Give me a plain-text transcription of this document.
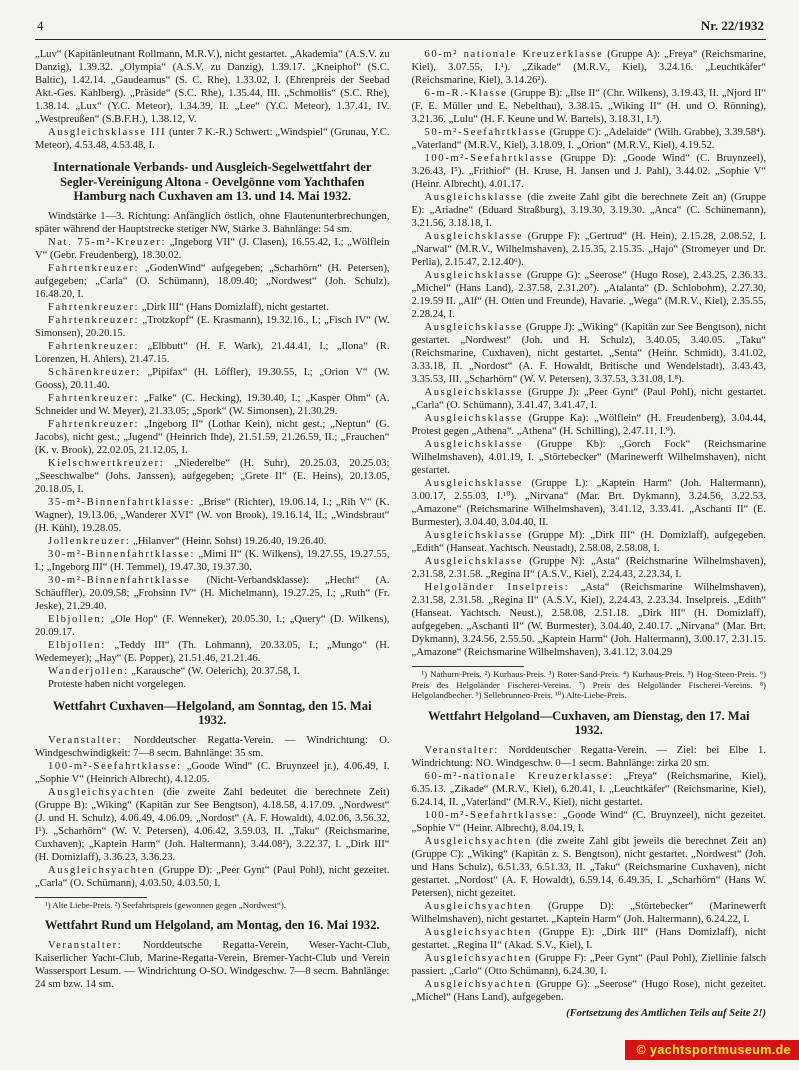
4	Nr. 22/1932

„Luv“ (Kapitänleutnant Rollmann, M.R.V.), nicht gestartet. „Akademia“ (A.S.V. zu Danzig), 1.39.32. „Olympia“ (A.S.V. zu Danzig), 1.39.17. „Kneiphof“ (S.C. Baltic), 1.42.14. „Gaudeamus“ (S. C. Rhe), 1.33.02, I. (Ehrenpreis der Seebad Akt.-Ges. Kahlberg). „Präside“ (S.C. Rhe), 1.35.44, III. „Schmollis“ (S.C. Rhe), 1.38.14. „Lux“ (Y.C. Meteor), 1.34.39, II. „Lee“ (Y.C. Meteor), 1.37.41, IV. „Westpreußen“ (S.B.F.H.), 1.38.12, V.

Ausgleichsklasse III (unter 7 K.-R.) Schwert: „Windspiel“ (Grunau, Y.C. Meteor), 4.53.48, 4.53.48, I.

Internationale Verbands- und Ausgleich-Segelwettfahrt der Segler-Vereinigung Altona - Oevelgönne vom Yachthafen Hamburg nach Cuxhaven am 13. und 14. Mai 1932.

Windstärke 1—3. Richtung: Anfänglich östlich, ohne Flautenunterbrechungen, später während der Hauptstrecke stetiger NW, Stärke 3. Bahnlänge: 54 sm.

Nat. 75-m²-Kreuzer: „Ingeborg VII“ (J. Clasen), 16.55.42, I.; „Wölflein V“ (Gebr. Freudenberg), 18.30.02.

Fahrtenkreuzer: „GodenWind“ aufgegeben; „Scharhörn“ (H. Petersen), aufgegeben; „Carla“ (O. Schümann), 18.09.40; „Nordwest“ (Joh. Schulz), 16.48.20, I.

Fahrtenkreuzer: „Dirk III“ (Hans Domizlaff), nicht gestartet.

Fahrtenkreuzer: „Trotzkopf“ (E. Krasmann), 19.32.16., I.; „Fisch IV“ (W. Simonsen), 20.20.15.

Fahrtenkreuzer: „Elbbutt“ (H. F. Wark), 21.44.41, I.; „Ilona“ (R. Lorenzen, H. Ahlers), 21.47.15.

Schärenkreuzer: „Pipifax“ (H. Löffler), 19.30.55, I.; „Orion V“ (W. Gooss), 20.11.40.

Fahrtenkreuzer: „Falke“ (C. Hecking), 19.30.40, I.; „Kasper Ohm“ (A. Schneider und W. Meyer), 21.33.05; „Spork“ (W. Simonsen), 21.30.29.

Fahrtenkreuzer: „Ingeborg II“ (Lothar Kein), nicht gest.; „Neptun“ (G. Jacobs), nicht gest.; „Jugend“ (Heinrich Ihde), 21.51.59, 21.26.59, II.; „Frauchen“ (K. v. Brook), 22.02.05, 21.12.05, I.

Kielschwertkreuzer: „Niederelbe“ (H. Suhr), 20.25.03, 20.25.03; „Seeschwalbe“ (Johs. Janssen), aufgegeben; „Grete II“ (E. Heins), 20.13.05, 20.18.05, I.

35-m²-Binnenfahrtklasse: „Brise“ (Richter), 19.06.14, I.; „Rih V“ (K. Wagner), 19.13.06, „Wanderer XVI“ (W. von Brook), 19.16.14, II.; „Windsbraut“ (H. Kühl), 19.28.05.

Jollenkreuzer: „Hilanver“ (Heinr. Sohst) 19.26.40, 19.26.40.

30-m²-Binnenfahrtklasse: „Mimi II“ (K. Wilkens), 19.27.55, 19.27.55, I.; „Ingeborg III“ (H. Temmel), 19.47.30, 19.37.30.

30-m²-Binnenfahrtklasse (Nicht-Verbandsklasse): „Hecht“ (A. Schäuffler), 20.09.58; „Frohsinn IV“ (H. Michelmann), 19.27.25, I.; „Ruth“ (Fr. Jeske), 21.29.40.

Elbjollen: „Ole Hop“ (F. Wenneker), 20.05.30, I.; „Query“ (D. Wilkens), 20.09.17.

Elbjollen: „Teddy III“ (Th. Lohmann), 20.33.05, I.; „Mungo“ (H. Wedemeyer); „Hay“ (E. Popper), 21.51.46, 21.21.46.

Wanderjollen: „Karausche“ (W. Oelerich), 20.37.58, I.

Proteste haben nicht vorgelegen.

Wettfahrt Cuxhaven—Helgoland, am Sonntag, den 15. Mai 1932.

Veranstalter: Norddeutscher Regatta-Verein. — Windrichtung: O. Windgeschwindigkeit: 7—8 secm. Bahnlänge: 35 sm.

100-m²-Seefahrtklasse: „Goode Wind“ (C. Bruynzeel jr.), 4.06.49, I. „Sophie V“ (Heinrich Albrecht), 4.12.05.

Ausgleichsyachten (die zweite Zahl bedeutet die berechnete Zeit) (Gruppe B): „Wiking“ (Kapitän zur See Bengtson), 4.18.58, 4.17.09. „Nordwest“ (J. und H. Schulz), 4.06.49, 4.06.09. „Nordost“ (A. F. Howaldt), 4.02.06, 3.56.32, I¹). „Scharhörn“ (W. V. Petersen), 4.06.42, 3.59.03, II. „Taku“ (Reichsmarine, Cuxhaven); „Kaptein Harm“ (Joh. Haltermann), 3.44.08²), 3.22.37, I. „Dirk III“ (H. Domizlaff), 3.36.23, 3.36.23.

Ausgleichsyachten (Gruppe D): „Peer Gynt“ (Paul Pohl), nicht gezeitet. „Carla“ (O. Schümann), 4.03.50, 4.03.50, I.

¹) Alte Liebe-Preis. ²) Seefahrtspreis (gewonnen gegen „Nordwest“).

Wettfahrt Rund um Helgoland, am Montag, den 16. Mai 1932.

Veranstalter: Norddeutsche Regatta-Verein, Weser-Yacht-Club, Kaiserlicher Yacht-Club, Marine-Regatta-Verein, Bremer-Yacht-Club und Verein Wassersport Lesum. — Windrichtung O-SO. Windgeschw. 7—8 secm. Bahnlänge: 24 sm bzw. 14 sm.

60-m² nationale Kreuzerklasse (Gruppe A): „Freya“ (Reichsmarine, Kiel), 3.07.55, I.¹). „Zikade“ (M.R.V., Kiel), 3.24.16. „Leuchtkäfer“ (Reichsmarine, Kiel), 3.14.26²).

6-m-R.-Klasse (Gruppe B): „Ilse II“ (Chr. Wilkens), 3.19.43, II. „Njord II“ (F. E. Müller und E. Nebelthau), 3.38.15. „Wiking II“ (H. und O. Rönning), 3.21.36. „Lulu“ (H. F. Keune und W. Bartels), 3.18.31, I.³).

50-m²-Seefahrtklasse (Gruppe C): „Adelaide“ (Wilh. Grabbe), 3.39.58⁴). „Vaterland“ (M.R.V., Kiel), 3.18.09, I. „Orion“ (M.R.V., Kiel), 4.19.52.

100-m²-Seefahrtklasse (Gruppe D): „Goode Wind“ (C. Bruynzeel), 3.26.43, I⁵). „Frithiof“ (H. Kruse, H. Jansen und J. Pahl), 3.44.02. „Sophie V“ (Heinr. Albrecht), 4.01.17.

Ausgleichsklasse (die zweite Zahl gibt die berechnete Zeit an) (Gruppe E): „Ariadne“ (Eduard Straßburg), 3.19.30, 3.19.30. „Anca“ (C. Schünemann), 3.21.56, 3.18.18, I.

Ausgleichsklasse (Gruppe F): „Gertrud“ (H. Hein), 2.15.28, 2.08.52, I. „Narwal“ (M.R.V., Wilhelmshaven), 2.15.35, 2.15.35. „Hajo“ (Stromeyer und Dr. Perlia), 2.15.47, 2.12.40⁶).

Ausgleichsklasse (Gruppe G): „Seerose“ (Hugo Rose), 2.43.25, 2.36.33. „Michel“ (Hans Land), 2.37.58, 2.31.20⁷). „Atalanta“ (D. Schlobohm), 2.27.30, 2.19.59 II. „Alf“ (H. Otten und Freunde), Havarie. „Wega“ (M.R.V., Kiel), 2.35.55, 2.28.24, I.

Ausgleichsklasse (Gruppe J): „Wiking“ (Kapitän zur See Bengtson), nicht gestartet. „Nordwest“ (Joh. und H. Schulz), 3.40.05, 3.40.05. „Taku“ (Reichsmarine, Cuxhaven), nicht gestartet. „Senta“ (Heinr. Schmidt), 3.41.02, 3.33.18, II. „Nordost“ (A. F. Howaldt, Britische und Wendelstadt), 3.43.43, 3.35.53, III. „Scharhörn“ (W. V. Petersen), 3.37.53, 3.31.08, I.⁸).

Ausgleichsklasse (Gruppe J): „Peer Gynt“ (Paul Pohl), nicht gestartet. „Carla“ (O. Schümann), 3.41.47, 3.41.47, I.

Ausgleichsklasse (Gruppe Ka): „Wölflein“ (H. Freudenberg), 3.04.44, Protest gegen „Athena“. „Athena“ (H. Schilling), 2.47.11, I.⁹).

Ausgleichsklasse (Gruppe Kb): „Gorch Fock“ (Reichsmarine Wilhelmshaven), 4.01.19, I. „Störtebecker“ (Marinewerft Wilhelmshaven), nicht gestartet.

Ausgleichsklasse (Gruppe L): „Kaptein Harm“ (Joh. Haltermann), 3.00.17, 2.55.03, I.¹⁰). „Nirvana“ (Mar. Brt. Dykmann), 3.24.56, 3.22.53. „Amazone“ (Reichsmarine Wilhelmshaven), 3.41.12, 3.33.41. „Aschanti II“ (E. Burmester), 3.04.40, 3.04.40, II.

Ausgleichsklasse (Gruppe M): „Dirk III“ (H. Domizlaff), aufgegeben. „Edith“ (Hanseat. Yachtsch. Neustadt), 2.58.08, 2.58.08, I.

Ausgleichsklasse (Gruppe N): „Asta“ (Reichsmarine Wilhelmshaven), 2.31.58, 2.31.58. „Regina II“ (A.S.V., Kiel), 2.24.43, 2.23.34, I.

Helgoländer Inselpreis: „Asta“ (Reichsmarine Wilhelmshaven), 2.31.58, 2.31.58. „Regina II“ (A.S.V., Kiel), 2.24.43, 2.23.34. Inselpreis. „Edith“ (Hanseat. Yachtsch. Neust.), 2.58.08, 2.51.18. „Dirk III“ (H. Domizlaff), aufgegeben. „Aschanti II“ (W. Burmester), 3.04.40, 2.40.17. „Nirvana“ (Mar. Brt. Dykmann), 3.24.56, 2.55.50. „Kaptein Harm“ (Joh. Haltermann), 3.00.17, 2.31.15. „Amazone“ (Reichsmarine Wilhelmshaven), 3.41.12, 3.04.29

¹) Nathurn-Preis. ²) Kurhaus-Preis. ³) Roter-Sand-Preis. ⁴) Kurhaus-Preis. ⁵) Hog-Steen-Preis. ⁶) Preis des Helgoländer Fischerei-Vereins. ⁷) Preis des Helgoländer Fischerei-Vereins. ⁸) Helgolandbecher. ⁹) Sellebrunnen-Preis. ¹⁰) Alte-Liebe-Preis.

Wettfahrt Helgoland—Cuxhaven, am Dienstag, den 17. Mai 1932.

Veranstalter: Norddeutscher Regatta-Verein. — Ziel: bei Elbe 1. Windrichtung: NO. Windgeschw. 0—1 secm. Bahnlänge: zirka 20 sm.

60-m²-nationale Kreuzerklasse: „Freya“ (Reichsmarine, Kiel), 6.35.13. „Zikade“ (M.R.V., Kiel), 6.20.41, I. „Leuchtkäfer“ (Reichsmarine, Kiel), 6.24.14, II. „Vaterland“ (M.R.V., Kiel), nicht gestartet.

100-m²-Seefahrtklasse: „Goode Wind“ (C. Bruynzeel), nicht gezeitet. „Sophie V“ (Heinr. Albrecht), 8.04.19, I.

Ausgleichsyachten (die zweite Zahl gibt jeweils die berechnet Zeit an) (Gruppe C): „Wiking“ (Kapitän z. S. Bengtson), nicht gestartet. „Nordwest“ (Joh. und Hans Schulz), 6.51.33, 6.51.33, II. „Taku“ (Reichsmarine Cuxhaven), nicht gestartet. „Nordost“ (A. F. Howaldt), 6.59.14, 6.49.35, I. „Scharhörn“ (Hans W. Petersen), nicht gezeitet.

Ausgleichsyachten (Gruppe D): „Störtebecker“ (Marinewerft Wilhelmshaven), nicht gestartet. „Kaptein Harm“ (Joh. Haltermann), 6.24.22, I.

Ausgleichsyachten (Gruppe E): „Dirk III“ (Hans Domizlaff), nicht gestartet. „Regina II“ (Akad. S.V., Kiel), I.

Ausgleichsyachten (Gruppe F): „Peer Gynt“ (Paul Pohl), Ziellinie falsch passiert. „Carlo“ (Otto Schümann), 6.24.30, I.

Ausgleichsyachten (Gruppe G): „Seerose“ (Hugo Rose), nicht gezeitet. „Michel“ (Hans Land), aufgegeben.

(Fortsetzung des Amtlichen Teils auf Seite 2!)

© yachtsportmuseum.de
